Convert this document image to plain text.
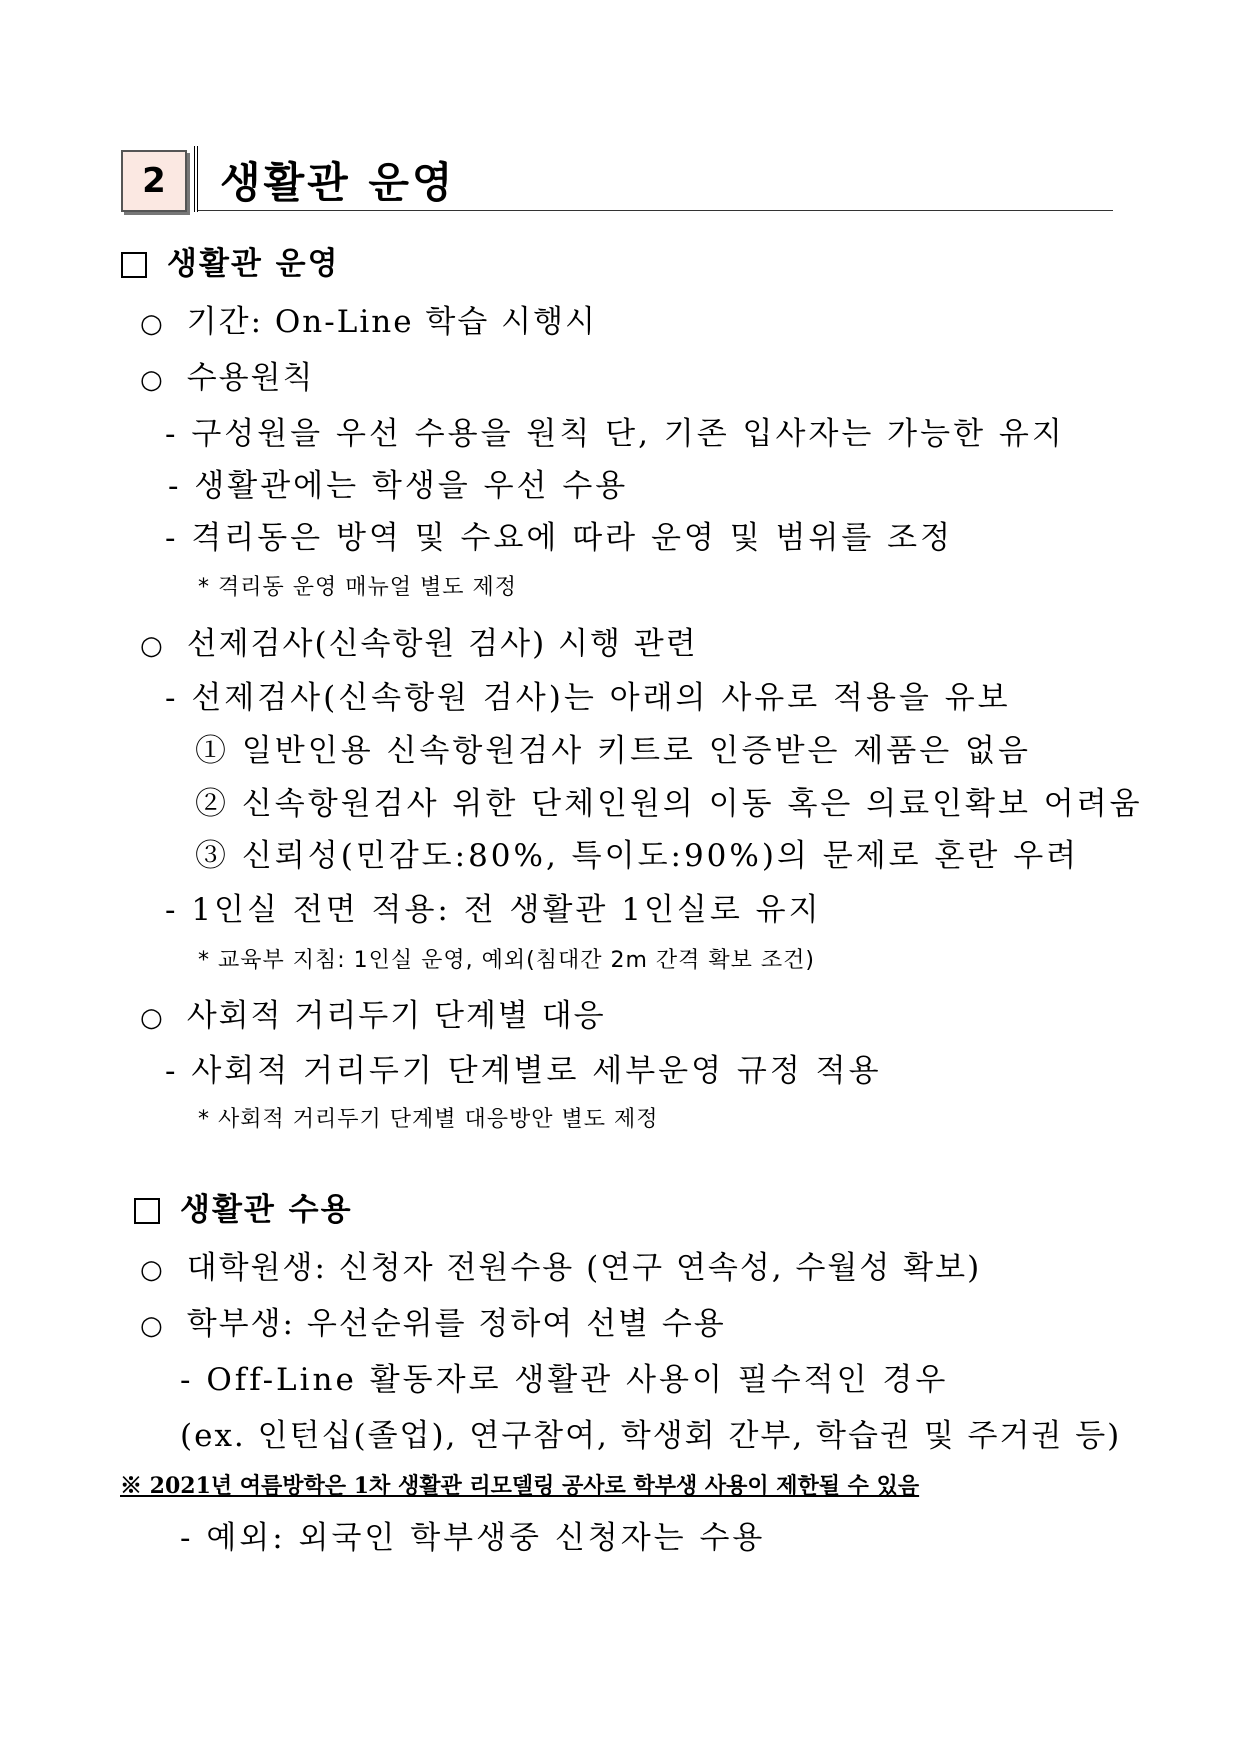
2 생활관 운영
생활관 운영
○ 기간: On-Line 학습 시행시
○ 수용원칙
- 구성원을 우선 수용을 원칙 단, 기존 입사자는 가능한 유지
- 생활관에는 학생을 우선 수용
- 격리동은 방역 및 수요에 따라 운영 및 범위를 조정
* 격리동 운영 매뉴얼 별도 제정
○ 선제검사(신속항원 검사) 시행 관련
- 선제검사(신속항원 검사)는 아래의 사유로 적용을 유보
① 일반인용 신속항원검사 키트로 인증받은 제품은 없음
② 신속항원검사 위한 단체인원의 이동 혹은 의료인확보 어려움
③ 신뢰성(민감도:80%, 특이도:90%)의 문제로 혼란 우려
- 1인실 전면 적용: 전 생활관 1인실로 유지
* 교육부 지침: 1인실 운영, 예외(침대간 2m 간격 확보 조건)
○ 사회적 거리두기 단계별 대응
- 사회적 거리두기 단계별로 세부운영 규정 적용
* 사회적 거리두기 단계별 대응방안 별도 제정
생활관 수용
○ 대학원생: 신청자 전원수용 (연구 연속성, 수월성 확보)
○ 학부생: 우선순위를 정하여 선별 수용
- Off-Line 활동자로 생활관 사용이 필수적인 경우
(ex. 인턴십(졸업), 연구참여, 학생회 간부, 학습권 및 주거권 등)
※ 2021년 여름방학은 1차 생활관 리모델링 공사로 학부생 사용이 제한될 수 있음
- 예외: 외국인 학부생중 신청자는 수용
